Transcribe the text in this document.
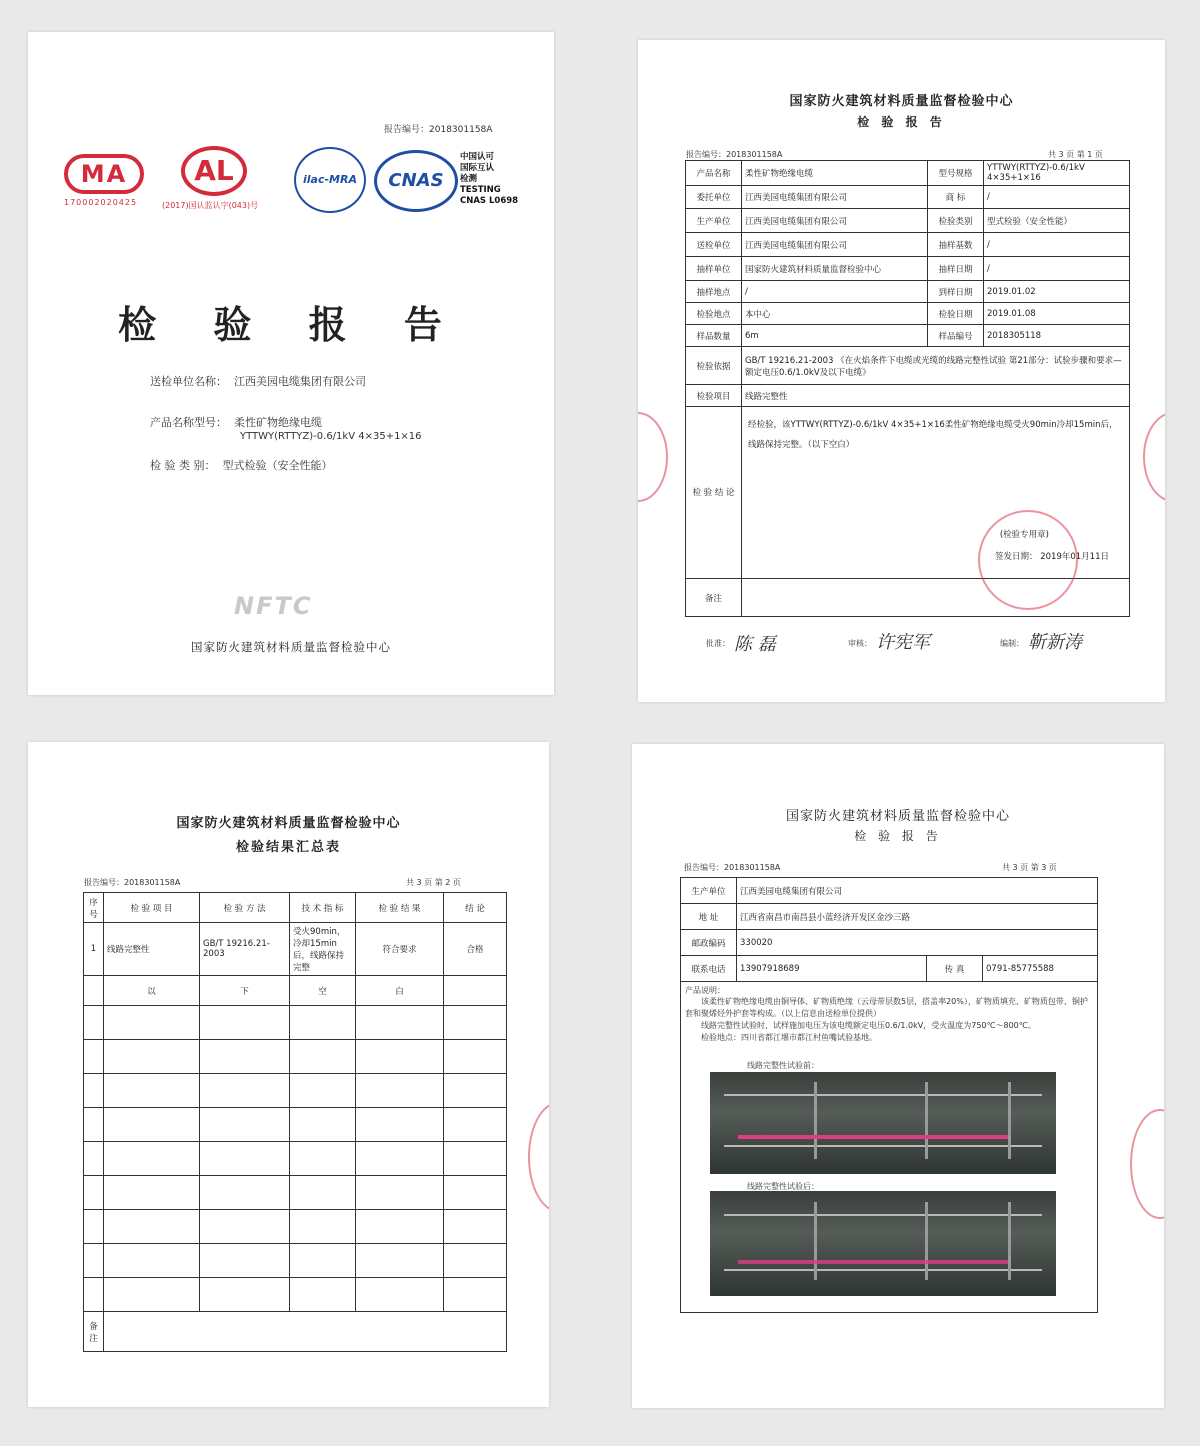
报告编号：2018301158A
MA
170002020425
AL
(2017)国认监认字(043)号
ilac-MRA	CNAS
中国认可
国际互认
检测
TESTING
CNAS L0698
检 验 报 告
送检单位名称： 江西美园电缆集团有限公司
产品名称型号： 柔性矿物绝缘电缆
YTTWY(RTTYZ)-0.6/1kV 4×35+1×16
检 验 类 别： 型式检验（安全性能）
NFTC
国家防火建筑材料质量监督检验中心
国家防火建筑材料质量监督检验中心
检 验 报 告
报告编号：2018301158A	共 3 页 第 1 页
产品名称	柔性矿物绝缘电缆	型号规格	YTTWY(RTTYZ)-0.6/1kV 4×35+1×16
委托单位	江西美园电缆集团有限公司	商 标	/
生产单位	江西美园电缆集团有限公司	检验类别	型式检验（安全性能）
送检单位	江西美园电缆集团有限公司	抽样基数	/
抽样单位	国家防火建筑材料质量监督检验中心	抽样日期	/
抽样地点	/	到样日期	2019.01.02
检验地点	本中心	检验日期	2019.01.08
样品数量	6m	样品编号	2018305118
检验依据	GB/T 19216.21-2003 《在火焰条件下电缆或光缆的线路完整性试验 第21部分：试验步骤和要求—额定电压0.6/1.0kV及以下电缆》		
检验项目	线路完整性		
检 验 结 论	经检验，该YTTWY(RTTYZ)-0.6/1kV 4×35+1×16柔性矿物绝缘电缆受火90min冷却15min后，线路保持完整。（以下空白）
(检验专用章)
签发日期： 2019年01月11日		

备注			
批准： 陈 磊	审核： 许宪军	编制： 靳新涛
国家防火建筑材料质量监督检验中心
检验结果汇总表
报告编号：2018301158A	共 3 页 第 2 页
序号	检 验 项 目	检 验 方 法	技 术 指 标	检 验 结 果	结 论
1	线路完整性	GB/T 19216.21-2003	受火90min，冷却15min后，线路保持完整	符合要求	合格
	以	下	空	白	

备注					
国家防火建筑材料质量监督检验中心
检 验 报 告
报告编号：2018301158A	共 3 页 第 3 页
生产单位	江西美园电缆集团有限公司		
地 址	江西省南昌市南昌县小蓝经济开发区金沙三路		
邮政编码	330020		
联系电话	13907918689	传 真	0791-85775588
产品说明：
该柔性矿物绝缘电缆由铜导体、矿物质绝缘（云母带层数5层，搭盖率20%），矿物质填充、矿物质包带、铜护套和聚烯烃外护套等构成。（以上信息由送检单位提供）
线路完整性试验时，试样施加电压为该电缆额定电压0.6/1.0kV，受火温度为750℃～800℃。
检验地点：四川省都江堰市都江村鱼嘴试验基地。
线路完整性试验前：
线路完整性试验后：
